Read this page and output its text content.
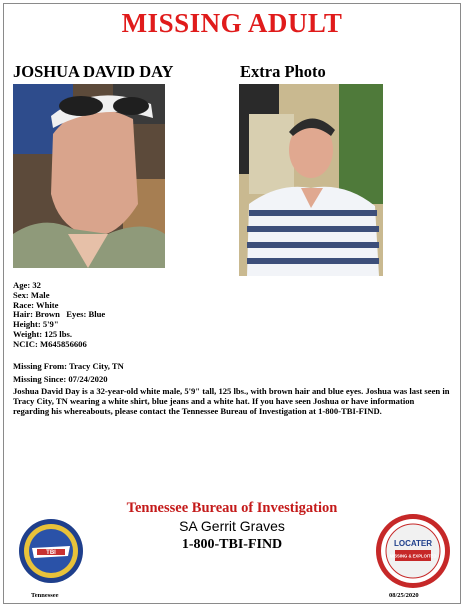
MISSING ADULT
JOSHUA DAVID DAY	Extra Photo
Age: 32
Sex: Male
Race: White
Hair: Brown   Eyes: Blue
Height: 5'9"
Weight: 125 lbs.
NCIC: M645856606
Missing From: Tracy City, TN
Missing Since: 07/24/2020
Joshua David Day is a 32-year-old white male, 5'9" tall, 125 lbs., with brown hair and blue eyes. Joshua was last seen in Tracy City, TN wearing a white shirt, blue jeans and a white hat. If you have seen Joshua or have information regarding his whereabouts, please contact the Tennessee Bureau of Investigation at 1-800-TBI-FIND.
Tennessee Bureau of Investigation
SA Gerrit Graves
1-800-TBI-FIND
TBI
LOCATER
MISSING & EXPLOITED
Tennessee	08/25/2020
